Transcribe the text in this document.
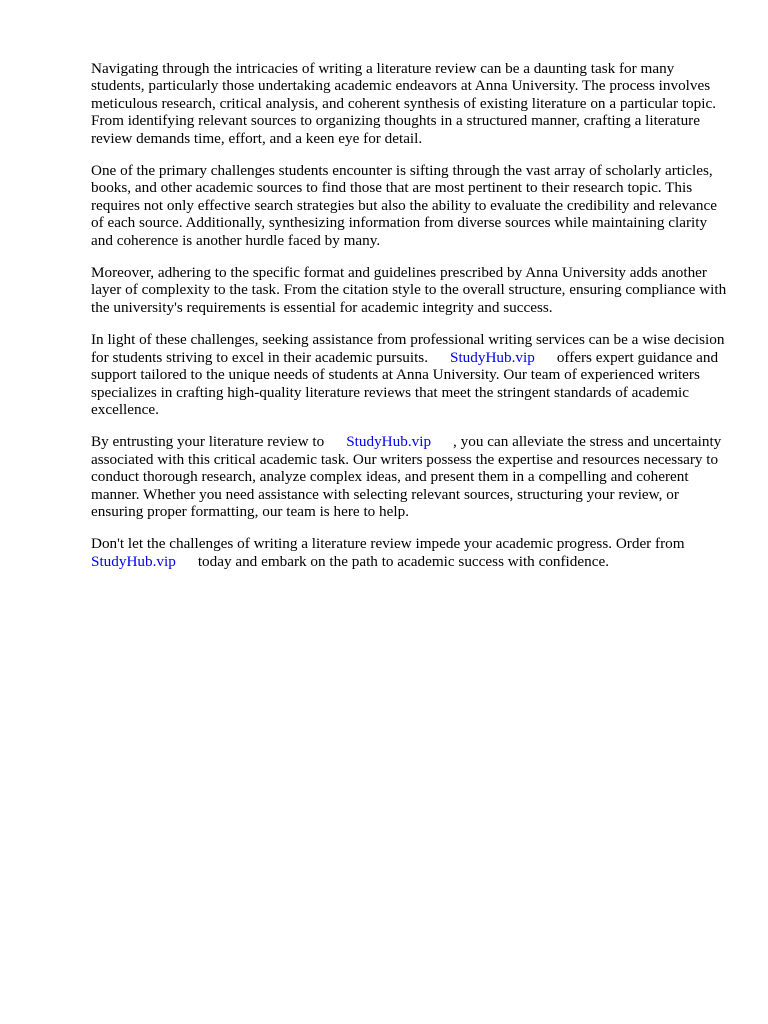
Navigating through the intricacies of writing a literature review can be a daunting task for many students, particularly those undertaking academic endeavors at Anna University. The process involves meticulous research, critical analysis, and coherent synthesis of existing literature on a particular topic. From identifying relevant sources to organizing thoughts in a structured manner, crafting a literature review demands time, effort, and a keen eye for detail.

One of the primary challenges students encounter is sifting through the vast array of scholarly articles, books, and other academic sources to find those that are most pertinent to their research topic. This requires not only effective search strategies but also the ability to evaluate the credibility and relevance of each source. Additionally, synthesizing information from diverse sources while maintaining clarity and coherence is another hurdle faced by many.

Moreover, adhering to the specific format and guidelines prescribed by Anna University adds another layer of complexity to the task. From the citation style to the overall structure, ensuring compliance with the university's requirements is essential for academic integrity and success.

In light of these challenges, seeking assistance from professional writing services can be a wise decision for students striving to excel in their academic pursuits. StudyHub.vip offers expert guidance and support tailored to the unique needs of students at Anna University. Our team of experienced writers specializes in crafting high-quality literature reviews that meet the stringent standards of academic excellence.

By entrusting your literature review to StudyHub.vip , you can alleviate the stress and uncertainty associated with this critical academic task. Our writers possess the expertise and resources necessary to conduct thorough research, analyze complex ideas, and present them in a compelling and coherent manner. Whether you need assistance with selecting relevant sources, structuring your review, or ensuring proper formatting, our team is here to help.

Don't let the challenges of writing a literature review impede your academic progress. Order from StudyHub.vip today and embark on the path to academic success with confidence.
